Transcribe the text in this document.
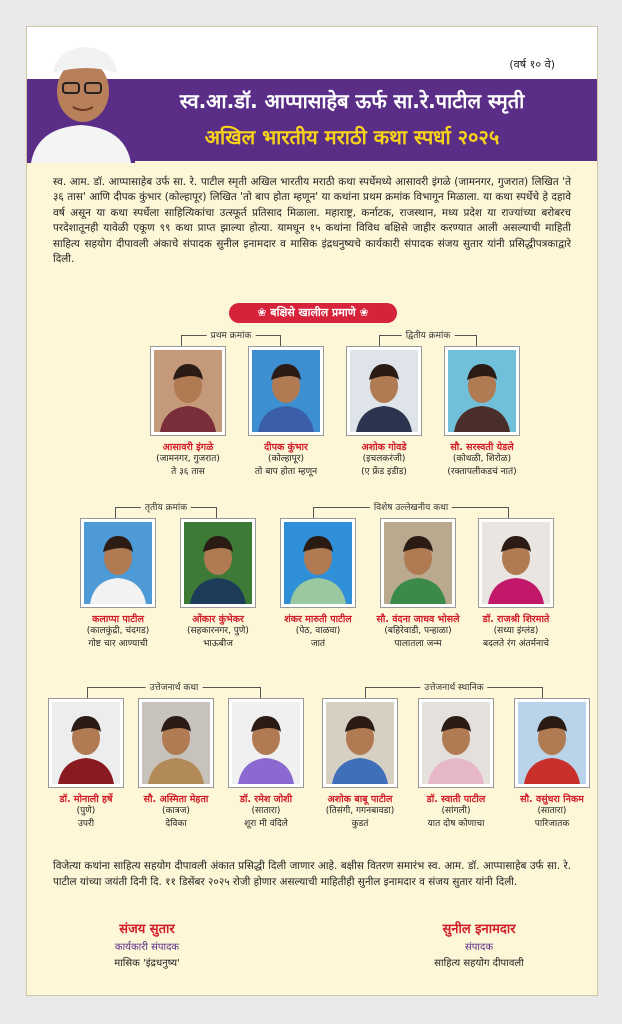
(वर्ष १० वे)
स्व.आ.डॉ. आप्पासाहेब ऊर्फ सा.रे.पाटील स्मृती
अखिल भारतीय मराठी कथा स्पर्धा २०२५
स्व. आम. डॉ. आप्पासाहेब उर्फ सा. रे. पाटील स्मृती अखिल भारतीय मराठी कथा स्पर्धेमध्ये आसावरी इंगळे (जामनगर, गुजरात) लिखित 'ते ३६ तास' आणि दीपक कुंभार (कोल्हापूर) लिखित 'तो बाप होता म्हणून' या कथांना प्रथम क्रमांक विभागून मिळाला. या कथा स्पर्धेचे हे दहावे वर्ष असून या कथा स्पर्धेला साहित्यिकांचा उत्स्फूर्त प्रतिसाद मिळाला. महाराष्ट्र, कर्नाटक, राजस्थान, मध्य प्रदेश या राज्यांच्या बरोबरच परदेशातूनही यावेळी एकूण ९९ कथा प्राप्त झाल्या होत्या. यामधून १५ कथांना विविध बक्षिसे जाहीर करण्यात आली असल्याची माहिती साहित्य सहयोग दीपावली अंकाचे संपादक सुनील इनामदार व मासिक इंद्रधनुष्यचे कार्यकारी संपादक संजय सुतार यांनी प्रसिद्धीपत्रकाद्वारे दिली.
❀ बक्षिसे खालील प्रमाणे ❀
प्रथम क्रमांक	द्वितीय क्रमांक
तृतीय क्रमांक	विशेष उल्लेखनीय कथा
उत्तेजनार्थ कथा	उत्तेजनार्थ स्थानिक
आसावरी इंगळे
(जामनगर, गुजरात)
ते ३६ तास
दीपक कुंभार
(कोल्हापूर)
तो बाप होता म्हणून
अशोक गोवडे
(इचलकरंजी)
(ए फ्रेंड इडीड)
सौ. सरस्वती येडले
(कोथळी, शिरोळ)
(रक्तापलीकडचं नातं)
कलाप्पा पाटील
(कालकुंद्री, चंदगड)
गोष्ट चार आण्याची
ओंकार कुंभेकर
(सहकारनगर, पुणे)
भाऊबीज
शंकर मारुती पाटील
(पेठ, वाळवा)
जातं
सौ. वंदना जाधव भोसले
(बहिरेवाडी, पन्हाळा)
पालातला जन्म
डॉ. राजश्री शिरमाते
(सध्या इंग्लंड)
बदलते रंग अंतर्मनाचे
डॉ. मोनाली हर्षे
(पुणे)
उपरी
सौ. अस्मिता मेहता
(कात्रज)
देविका
डॉ. रमेश जोशी
(सातारा)
शूरा मी वंदिले
अशोक बाबू पाटील
(तिसंगी, गगनबावडा)
कुडतं
डॉ. स्वाती पाटील
(सांगली)
यात दोष कोणाचा
सौ. वसुंधरा निकम
(सातारा)
पारिजातक
विजेत्या कथांना साहित्य सहयोग दीपावली अंकात प्रसिद्धी दिली जाणार आहे. बक्षीस वितरण समारंभ स्व. आम. डॉ. आप्पासाहेब उर्फ सा. रे. पाटील यांच्या जयंती दिनी दि. ११ डिसेंबर २०२५ रोजी होणार असल्याची माहितीही सुनील इनामदार व संजय सुतार यांनी दिली.
संजय सुतार
कार्यकारी संपादक
मासिक 'इंद्रधनुष्य'
सुनील इनामदार
संपादक
साहित्य सहयोग दीपावली
